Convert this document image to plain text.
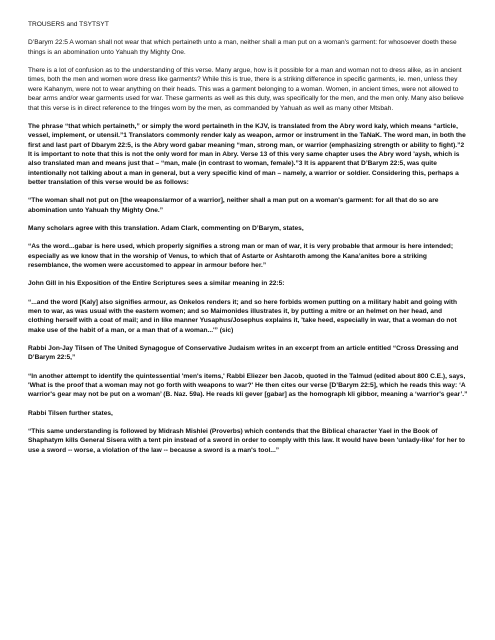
TROUSERS and TSYTSYT
D’Barym 22:5 A woman shall not wear that which pertaineth unto a man, neither shall a man put on a woman's garment: for whosoever doeth these things is an abomination unto Yahuah thy Mighty One.
There is a lot of confusion as to the understanding of this verse. Many argue, how is it possible for a man and woman not to dress alike, as in ancient times, both the men and women wore dress like garments? While this is true, there is a striking difference in specific garments, ie. men, unless they were Kahanym, were not to wear anything on their heads. This was a garment belonging to a woman. Women, in ancient times, were not allowed to bear arms and/or wear garments used for war. These garments as well as this duty, was specifically for the men, and the men only. Many also believe that this verse is in direct reference to the fringes worn by the men, as commanded by Yahuah as well as many other Mtsbah.
The phrase “that which pertaineth,” or simply the word pertaineth in the KJV, is translated from the Abry word kaly, which means “article, vessel, implement, or utensil.”1 Translators commonly render kaly as weapon, armor or instrument in the TaNaK. The word man, in both the first and last part of Dbarym 22:5, is the Abry word gabar meaning “man, strong man, or warrior (emphasizing strength or ability to fight).”2 It is important to note that this is not the only word for man in Abry. Verse 13 of this very same chapter uses the Abry word 'aysh, which is also translated man and means just that – “man, male (in contrast to woman, female).”3 It is apparent that D’Barym 22:5, was quite intentionally not talking about a man in general, but a very specific kind of man – namely, a warrior or soldier. Considering this, perhaps a better translation of this verse would be as follows:
“The woman shall not put on [the weapons/armor of a warrior], neither shall a man put on a woman's garment: for all that do so are abomination unto Yahuah thy Mighty One.”
Many scholars agree with this translation. Adam Clark, commenting on D’Barym, states,
“As the word...gabar is here used, which properly signifies a strong man or man of war, it is very probable that armour is here intended; especially as we know that in the worship of Venus, to which that of Astarte or Ashtaroth among the Kana’anites bore a striking resemblance, the women were accustomed to appear in armour before her.”
John Gill in his Exposition of the Entire Scriptures sees a similar meaning in 22:5:
“...and the word [Kaly] also signifies armour, as Onkelos renders it; and so here forbids women putting on a military habit and going with men to war, as was usual with the eastern women; and so Maimonides illustrates it, by putting a mitre or an helmet on her head, and clothing herself with a coat of mail; and in like manner Yusaphus/Josephus explains it, 'take heed, especially in war, that a woman do not make use of the habit of a man, or a man that of a woman...'” (sic)
Rabbi Jon-Jay Tilsen of The United Synagogue of Conservative Judaism writes in an excerpt from an article entitled “Cross Dressing and D’Barym 22:5,”
“In another attempt to identify the quintessential 'men's items,' Rabbi Eliezer ben Jacob, quoted in the Talmud (edited about 800 C.E.), says, 'What is the proof that a woman may not go forth with weapons to war?' He then cites our verse [D’Barym 22:5], which he reads this way: ‘A warrior's gear may not be put on a woman’ (B. Naz. 59a). He reads kli gever [gabar] as the homograph kli gibbor, meaning a ‘warrior's gear’.”
Rabbi Tilsen further states,
“This same understanding is followed by Midrash Mishlei (Proverbs) which contends that the Biblical character Yael in the Book of Shaphatym kills General Sisera with a tent pin instead of a sword in order to comply with this law. It would have been 'unlady-like' for her to use a sword -- worse, a violation of the law -- because a sword is a man's tool...”
